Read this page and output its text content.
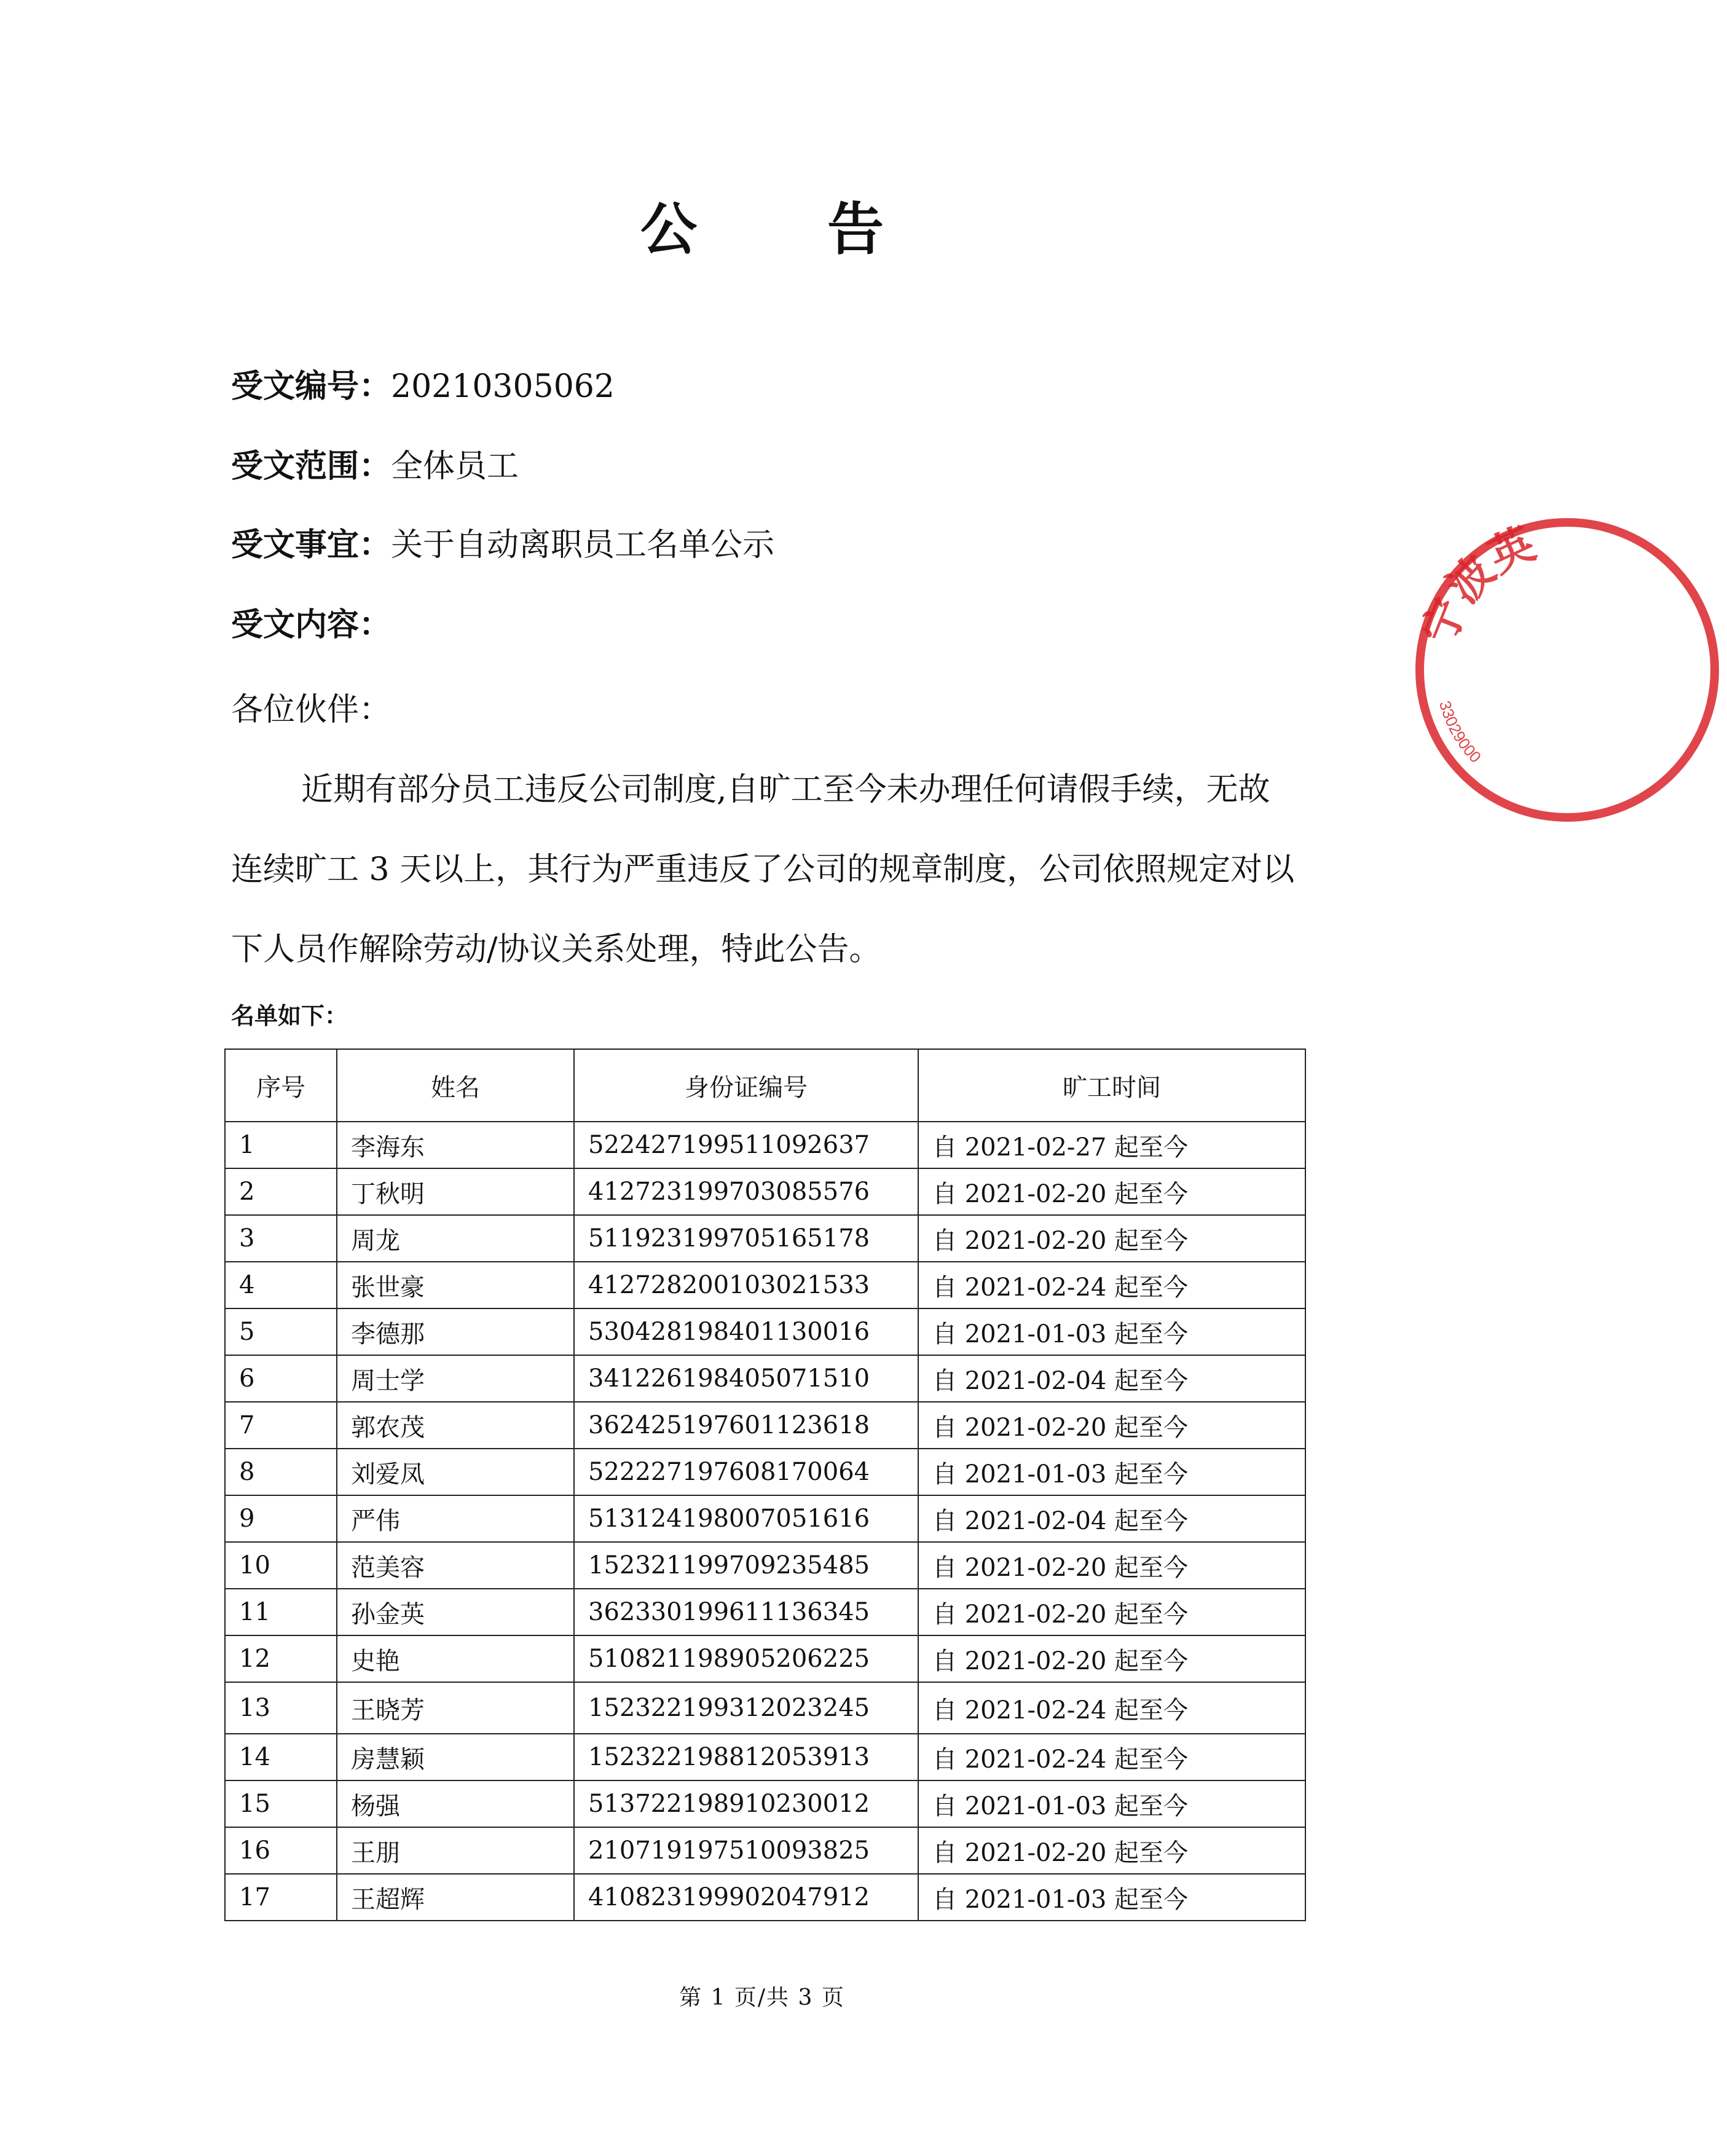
公 告
受文编号：20210305062
受文范围：全体员工
受文事宜：关于自动离职员工名单公示
受文内容：
各位伙伴：
近期有部分员工违反公司制度,自旷工至今未办理任何请假手续，无故连续旷工 3 天以上，其行为严重违反了公司的规章制度，公司依照规定对以下人员作解除劳动/协议关系处理，特此公告。
名单如下：
序号	姓名	身份证编号	旷工时间
1	李海东	522427199511092637	自 2021-02-27 起至今
2	丁秋明	412723199703085576	自 2021-02-20 起至今
3	周龙	511923199705165178	自 2021-02-20 起至今
4	张世豪	412728200103021533	自 2021-02-24 起至今
5	李德那	530428198401130016	自 2021-01-03 起至今
6	周士学	341226198405071510	自 2021-02-04 起至今
7	郭农茂	362425197601123618	自 2021-02-20 起至今
8	刘爱凤	522227197608170064	自 2021-01-03 起至今
9	严伟	513124198007051616	自 2021-02-04 起至今
10	范美容	152321199709235485	自 2021-02-20 起至今
11	孙金英	362330199611136345	自 2021-02-20 起至今
12	史艳	510821198905206225	自 2021-02-20 起至今
13	王晓芳	152322199312023245	自 2021-02-24 起至今
14	房慧颖	152322198812053913	自 2021-02-24 起至今
15	杨强	513722198910230012	自 2021-01-03 起至今
16	王朋	210719197510093825	自 2021-02-20 起至今
17	王超辉	410823199902047912	自 2021-01-03 起至今
第 1 页/共 3 页
宁波英
33029000
